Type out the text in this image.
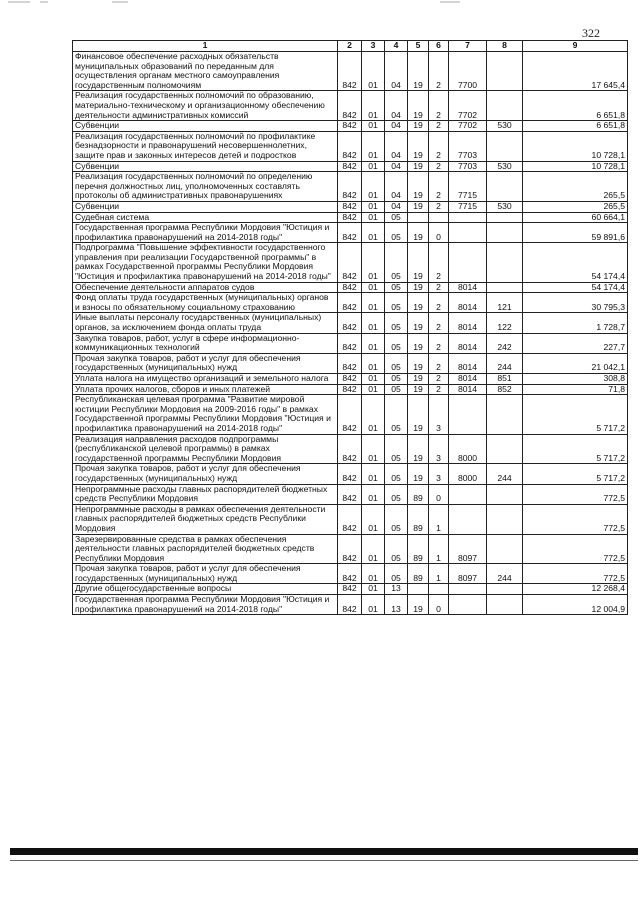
322
1	2	3	4	5	6	7	8	9
Финансовое обеспечение расходных обязательств муниципальных образований по переданным для осуществления органам местного самоуправления государственным полномочиям	842	01	04	19	2	7700		17 645,4
Реализация государственных полномочий по образованию, материально-техническому и организационному обеспечению деятельности административных комиссий	842	01	04	19	2	7702		6 651,8
Субвенции	842	01	04	19	2	7702	530	6 651,8
Реализация государственных полномочий по профилактике безнадзорности и правонарушений несовершеннолетних, защите прав и законных интересов детей и подростков	842	01	04	19	2	7703		10 728,1
Субвенции	842	01	04	19	2	7703	530	10 728,1
Реализация государственных полномочий по определению перечня должностных лиц, уполномоченных составлять протоколы об административных правонарушениях	842	01	04	19	2	7715		265,5
Субвенции	842	01	04	19	2	7715	530	265,5
Судебная система	842	01	05					60 664,1
Государственная программа Республики Мордовия "Юстиция и профилактика правонарушений на 2014-2018 годы"	842	01	05	19	0			59 891,6
Подпрограмма "Повышение эффективности государственного управления при реализации Государственной программы" в рамках Государственной программы Республики Мордовия "Юстиция и профилактика правонарушений на 2014-2018 годы"	842	01	05	19	2			54 174,4
Обеспечение деятельности аппаратов судов	842	01	05	19	2	8014		54 174,4
Фонд оплаты труда государственных (муниципальных) органов и взносы по обязательному социальному страхованию	842	01	05	19	2	8014	121	30 795,3
Иные выплаты персоналу государственных (муниципальных) органов, за исключением фонда оплаты труда	842	01	05	19	2	8014	122	1 728,7
Закупка товаров, работ, услуг в сфере информационно-коммуникационных технологий	842	01	05	19	2	8014	242	227,7
Прочая закупка товаров, работ и услуг для обеспечения государственных (муниципальных) нужд	842	01	05	19	2	8014	244	21 042,1
Уплата налога на имущество организаций и земельного налога	842	01	05	19	2	8014	851	308,8
Уплата прочих налогов, сборов и иных платежей	842	01	05	19	2	8014	852	71,8
Республиканская целевая программа "Развитие мировой юстиции Республики Мордовия на 2009-2016 годы" в рамках Государственной программы Республики Мордовия "Юстиция и профилактика правонарушений на 2014-2018 годы"	842	01	05	19	3			5 717,2
Реализация направления расходов подпрограммы (республиканской целевой программы) в рамках государственной программы Республики Мордовия	842	01	05	19	3	8000		5 717,2
Прочая закупка товаров, работ и услуг для обеспечения государственных (муниципальных) нужд	842	01	05	19	3	8000	244	5 717,2
Непрограммные расходы главных распорядителей бюджетных средств Республики Мордовия	842	01	05	89	0			772,5
Непрограммные расходы в рамках обеспечения деятельности главных распорядителей бюджетных средств Республики Мордовия	842	01	05	89	1			772,5
Зарезервированные средства в рамках обеспечения деятельности главных распорядителей бюджетных средств Республики Мордовия	842	01	05	89	1	8097		772,5
Прочая закупка товаров, работ и услуг для обеспечения государственных (муниципальных) нужд	842	01	05	89	1	8097	244	772,5
Другие общегосударственные вопросы	842	01	13					12 268,4
Государственная программа Республики Мордовия "Юстиция и профилактика правонарушений на 2014-2018 годы"	842	01	13	19	0			12 004,9
